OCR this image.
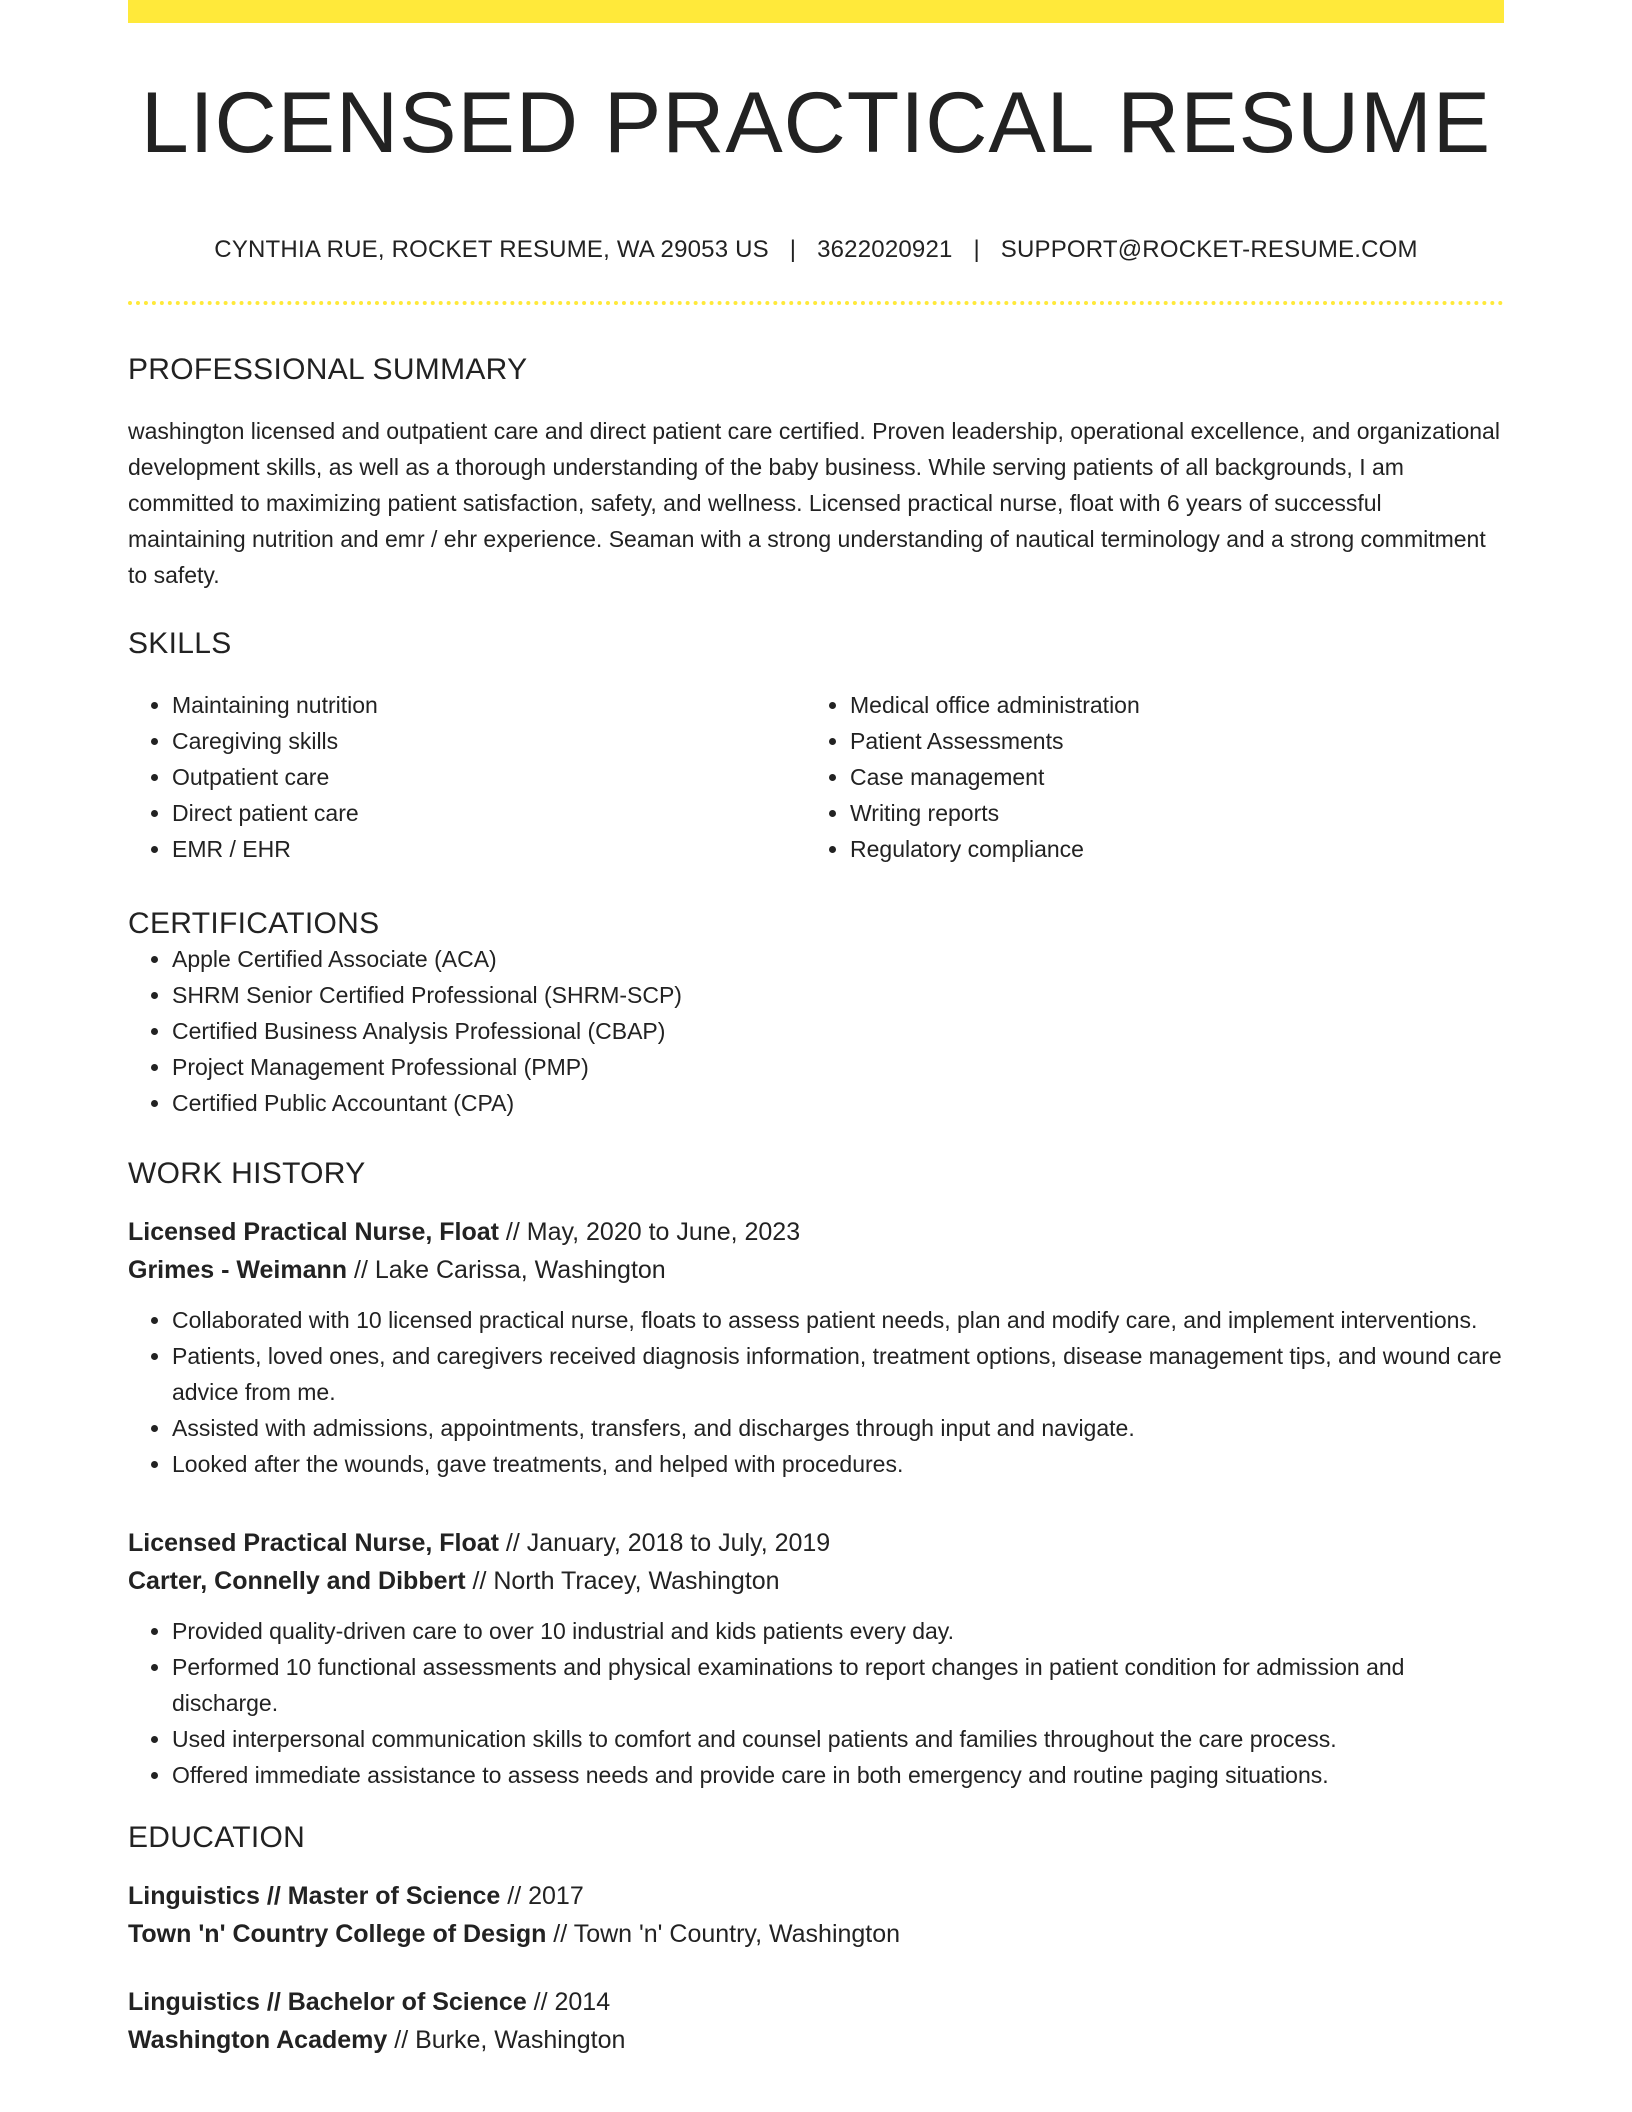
LICENSED PRACTICAL RESUME
CYNTHIA RUE, ROCKET RESUME, WA 29053 US | 3622020921 | SUPPORT@ROCKET-RESUME.COM
PROFESSIONAL SUMMARY

washington licensed and outpatient care and direct patient care certified. Proven leadership, operational excellence, and organizational development skills, as well as a thorough understanding of the baby business. While serving patients of all backgrounds, I am committed to maximizing patient satisfaction, safety, and wellness. Licensed practical nurse, float with 6 years of successful maintaining nutrition and emr / ehr experience. Seaman with a strong understanding of nautical terminology and a strong commitment to safety.

SKILLS
• Maintaining nutrition
• Caregiving skills
• Outpatient care
• Direct patient care
• EMR / EHR
• Medical office administration
• Patient Assessments
• Case management
• Writing reports
• Regulatory compliance
CERTIFICATIONS
• Apple Certified Associate (ACA)
• SHRM Senior Certified Professional (SHRM-SCP)
• Certified Business Analysis Professional (CBAP)
• Project Management Professional (PMP)
• Certified Public Accountant (CPA)
WORK HISTORY
Licensed Practical Nurse, Float // May, 2020 to June, 2023
Grimes - Weimann // Lake Carissa, Washington
• Collaborated with 10 licensed practical nurse, floats to assess patient needs, plan and modify care, and implement interventions.
• Patients, loved ones, and caregivers received diagnosis information, treatment options, disease management tips, and wound care advice from me.
• Assisted with admissions, appointments, transfers, and discharges through input and navigate.
• Looked after the wounds, gave treatments, and helped with procedures.
Licensed Practical Nurse, Float // January, 2018 to July, 2019
Carter, Connelly and Dibbert // North Tracey, Washington
• Provided quality-driven care to over 10 industrial and kids patients every day.
• Performed 10 functional assessments and physical examinations to report changes in patient condition for admission and discharge.
• Used interpersonal communication skills to comfort and counsel patients and families throughout the care process.
• Offered immediate assistance to assess needs and provide care in both emergency and routine paging situations.
EDUCATION
Linguistics // Master of Science // 2017
Town 'n' Country College of Design // Town 'n' Country, Washington
Linguistics // Bachelor of Science // 2014
Washington Academy // Burke, Washington
